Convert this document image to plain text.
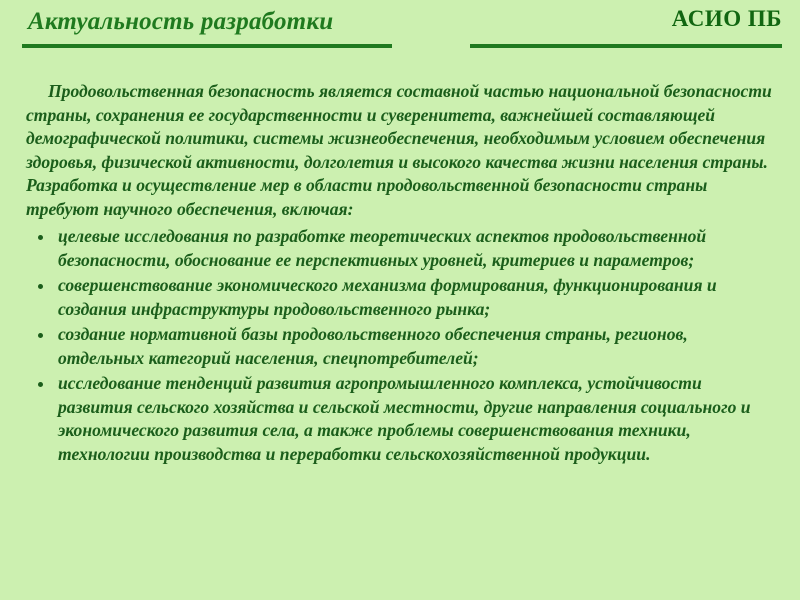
Актуальность разработки	АСИО ПБ

Продовольственная безопасность является составной частью национальной безопасности страны, сохранения ее государственности и суверенитета, важнейшей составляющей демографической политики, системы жизнеобеспечения, необходимым условием обеспечения здоровья, физической активности, долголетия и высокого качества жизни населения страны.

Разработка и осуществление мер в области продовольственной безопасности страны требуют научного обеспечения, включая:

целевые исследования по разработке теоретических аспектов продовольственной безопасности, обоснование ее перспективных уровней, критериев и параметров;
совершенствование экономического механизма формирования, функционирования и создания инфраструктуры продовольственного рынка;
создание нормативной базы продовольственного обеспечения страны, регионов, отдельных категорий населения, спецпотребителей;
исследование тенденций развития агропромышленного комплекса, устойчивости развития сельского хозяйства и сельской местности, другие направления социального и экономического развития села, а также проблемы совершенствования техники, технологии производства и переработки сельскохозяйственной продукции.
